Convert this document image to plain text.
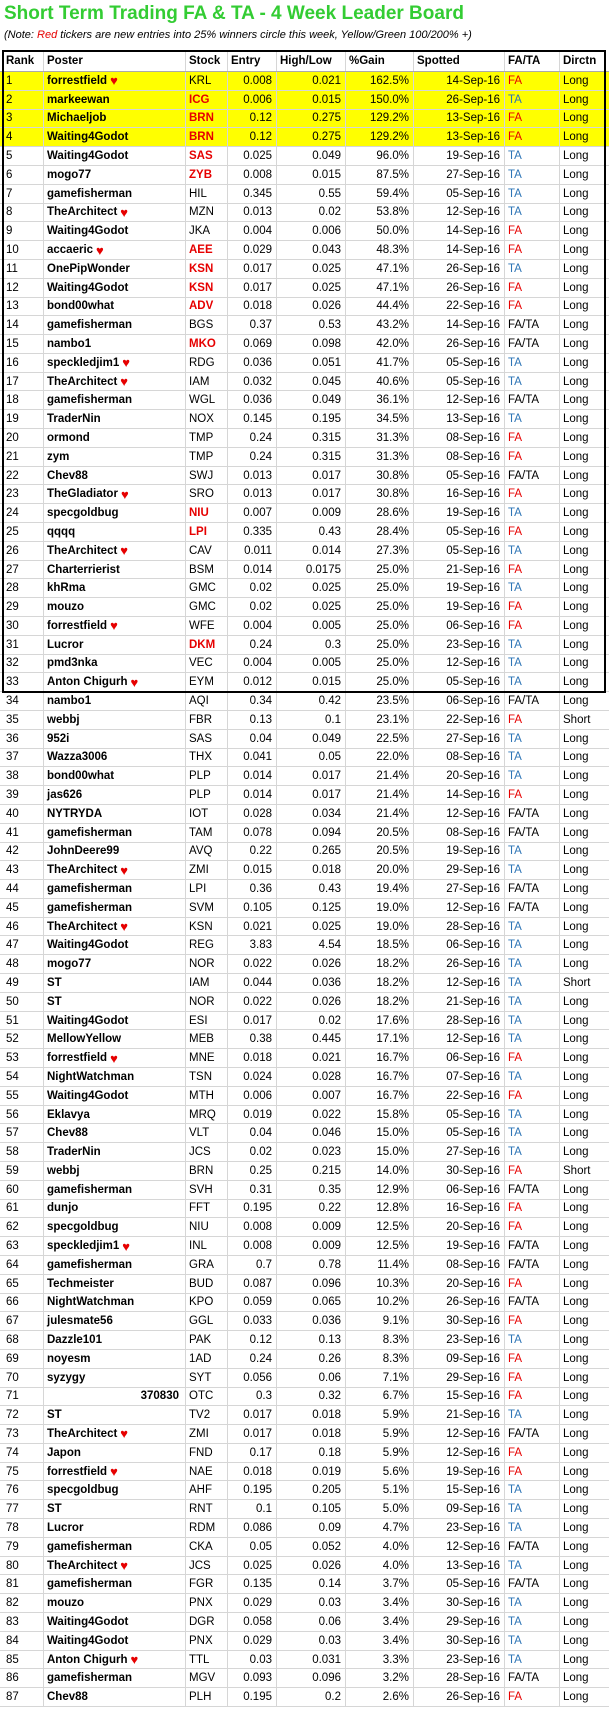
Short Term Trading FA & TA - 4 Week Leader Board
(Note: Red tickers are new entries into 25% winners circle this week, Yellow/Green 100/200% +)
Rank	Poster	Stock Entry	High/Low	%Gain	Spotted	FA/TA	Dirctn
1	forrestfield ♥	KRL	0.008	0.021	162.5%	14-Sep-16 FA	Long
2	markeewan	ICG	0.006	0.015	150.0%	26-Sep-16 TA	Long
3	Michaeljob	BRN	0.12	0.275	129.2%	13-Sep-16 FA	Long
4	Waiting4Godot	BRN	0.12	0.275	129.2%	13-Sep-16 FA	Long
5	Waiting4Godot	SAS	0.025	0.049	96.0%	19-Sep-16 TA	Long
6	mogo77	ZYB	0.008	0.015	87.5%	27-Sep-16 TA	Long
7	gamefisherman	HIL	0.345	0.55	59.4%	05-Sep-16 TA	Long
8	TheArchitect ♥	MZN	0.013	0.02	53.8%	12-Sep-16 TA	Long
9	Waiting4Godot	JKA	0.004	0.006	50.0%	14-Sep-16 FA	Long
10 accaeric ♥	AEE	0.029	0.043	48.3%	14-Sep-16 FA	Long
11	OnePipWonder	KSN	0.017	0.025	47.1%	26-Sep-16 TA	Long
12 Waiting4Godot	KSN	0.017	0.025	47.1%	26-Sep-16 FA	Long
13 bond00what	ADV	0.018	0.026	44.4%	22-Sep-16 FA	Long
14 gamefisherman	BGS	0.37	0.53	43.2%	14-Sep-16 FA/TA Long
15 nambo1	MKO 0.069	0.098	42.0%	26-Sep-16 FA/TA Long
16 speckledjim1 ♥	RDG 0.036	0.051	41.7%	05-Sep-16 TA	Long
17 TheArchitect ♥	IAM	0.032	0.045	40.6%	05-Sep-16 TA	Long
18 gamefisherman	WGL 0.036	0.049	36.1%	12-Sep-16 FA/TA Long
19 TraderNin	NOX	0.145	0.195	34.5%	13-Sep-16 TA	Long
20 ormond	TMP	0.24	0.315	31.3%	08-Sep-16 FA	Long
21 zym	TMP	0.24	0.315	31.3%	08-Sep-16 FA	Long
22 Chev88	SWJ	0.013	0.017	30.8%	05-Sep-16 FA/TA Long
23 TheGladiator ♥	SRO	0.013	0.017	30.8%	16-Sep-16 FA	Long
24 specgoldbug	NIU	0.007	0.009	28.6%	19-Sep-16 TA	Long
25 qqqq	LPI	0.335	0.43	28.4%	05-Sep-16 FA	Long
26 TheArchitect ♥	CAV	0.011	0.014	27.3%	05-Sep-16 TA	Long
27 Charterrierist	BSM	0.014	0.0175	25.0%	21-Sep-16 FA	Long
28 khRma	GMC	0.02	0.025	25.0%	19-Sep-16 TA	Long
29 mouzo	GMC	0.02	0.025	25.0%	19-Sep-16 FA	Long
30 forrestfield ♥	WFE 0.004	0.005	25.0%	06-Sep-16 FA	Long
31 Lucror	DKM	0.24	0.3	25.0%	23-Sep-16 TA	Long
32 pmd3nka	VEC	0.004	0.005	25.0%	12-Sep-16 TA	Long
33 Anton Chigurh ♥	EYM	0.012	0.015	25.0%	05-Sep-16 TA	Long
34 nambo1	AQI	0.34	0.42	23.5%	06-Sep-16 FA/TA Long
35 webbj	FBR	0.13	0.1	23.1%	22-Sep-16 FA	Short
36 952i	SAS	0.04	0.049	22.5%	27-Sep-16 TA	Long
37 Wazza3006	THX	0.041	0.05	22.0%	08-Sep-16 TA	Long
38 bond00what	PLP	0.014	0.017	21.4%	20-Sep-16 TA	Long
39 jas626	PLP	0.014	0.017	21.4%	14-Sep-16 FA	Long
40 NYTRYDA	IOT	0.028	0.034	21.4%	12-Sep-16 FA/TA Long
41 gamefisherman	TAM	0.078	0.094	20.5%	08-Sep-16 FA/TA Long
42 JohnDeere99	AVQ	0.22	0.265	20.5%	19-Sep-16 TA	Long
43 TheArchitect ♥	ZMI	0.015	0.018	20.0%	29-Sep-16 TA	Long
44 gamefisherman	LPI	0.36	0.43	19.4%	27-Sep-16 FA/TA Long
45 gamefisherman	SVM	0.105	0.125	19.0%	12-Sep-16 FA/TA Long
46 TheArchitect ♥	KSN	0.021	0.025	19.0%	28-Sep-16 TA	Long
47 Waiting4Godot	REG	3.83	4.54	18.5%	06-Sep-16 TA	Long
48 mogo77	NOR 0.022	0.026	18.2%	26-Sep-16 TA	Long
49 ST	IAM	0.044	0.036	18.2%	12-Sep-16 TA	Short
50 ST	NOR 0.022	0.026	18.2%	21-Sep-16 TA	Long
51 Waiting4Godot	ESI	0.017	0.02	17.6%	28-Sep-16 TA	Long
52 MellowYellow	MEB	0.38	0.445	17.1%	12-Sep-16 TA	Long
53 forrestfield ♥	MNE 0.018	0.021	16.7%	06-Sep-16 FA	Long
54 NightWatchman	TSN	0.024	0.028	16.7%	07-Sep-16 TA	Long
55 Waiting4Godot	MTH	0.006	0.007	16.7%	22-Sep-16 FA	Long
56 Eklavya	MRQ 0.019	0.022	15.8%	05-Sep-16 TA	Long
57 Chev88	VLT	0.04	0.046	15.0%	05-Sep-16 TA	Long
58 TraderNin	JCS	0.02	0.023	15.0%	27-Sep-16 TA	Long
59 webbj	BRN	0.25	0.215	14.0%	30-Sep-16 FA	Short
60 gamefisherman	SVH	0.31	0.35	12.9%	06-Sep-16 FA/TA Long
61 dunjo	FFT	0.195	0.22	12.8%	16-Sep-16 FA	Long
62 specgoldbug	NIU	0.008	0.009	12.5%	20-Sep-16 FA	Long
63 speckledjim1 ♥	INL	0.008	0.009	12.5%	19-Sep-16 FA/TA Long
64 gamefisherman	GRA	0.7	0.78	11.4%	08-Sep-16 FA/TA Long
65 Techmeister	BUD	0.087	0.096	10.3%	20-Sep-16 FA	Long
66 NightWatchman	KPO	0.059	0.065	10.2%	26-Sep-16 FA/TA Long
67 julesmate56	GGL	0.033	0.036	9.1%	30-Sep-16 FA	Long
68 Dazzle101	PAK	0.12	0.13	8.3%	23-Sep-16 TA	Long
69 noyesm	1AD	0.24	0.26	8.3%	09-Sep-16 FA	Long
70 syzygy	SYT	0.056	0.06	7.1%	29-Sep-16 FA	Long
71	370830 OTC	0.3	0.32	6.7%	15-Sep-16 FA	Long
72 ST	TV2	0.017	0.018	5.9%	21-Sep-16 TA	Long
73 TheArchitect ♥	ZMI	0.017	0.018	5.9%	12-Sep-16 FA/TA Long
74 Japon	FND	0.17	0.18	5.9%	12-Sep-16 FA	Long
75 forrestfield ♥	NAE	0.018	0.019	5.6%	19-Sep-16 FA	Long
76 specgoldbug	AHF	0.195	0.205	5.1%	15-Sep-16 TA	Long
77 ST	RNT	0.1	0.105	5.0%	09-Sep-16 TA	Long
78 Lucror	RDM 0.086	0.09	4.7%	23-Sep-16 TA	Long
79 gamefisherman	CKA	0.05	0.052	4.0%	12-Sep-16 FA/TA Long
80 TheArchitect ♥	JCS	0.025	0.026	4.0%	13-Sep-16 TA	Long
81 gamefisherman	FGR	0.135	0.14	3.7%	05-Sep-16 FA/TA Long
82 mouzo	PNX	0.029	0.03	3.4%	30-Sep-16 TA	Long
83 Waiting4Godot	DGR 0.058	0.06	3.4%	29-Sep-16 TA	Long
84 Waiting4Godot	PNX	0.029	0.03	3.4%	30-Sep-16 TA	Long
85 Anton Chigurh ♥	TTL	0.03	0.031	3.3%	23-Sep-16 TA	Long
86 gamefisherman	MGV 0.093	0.096	3.2%	28-Sep-16 FA/TA Long
87 Chev88	PLH	0.195	0.2	2.6%	26-Sep-16 FA	Long
